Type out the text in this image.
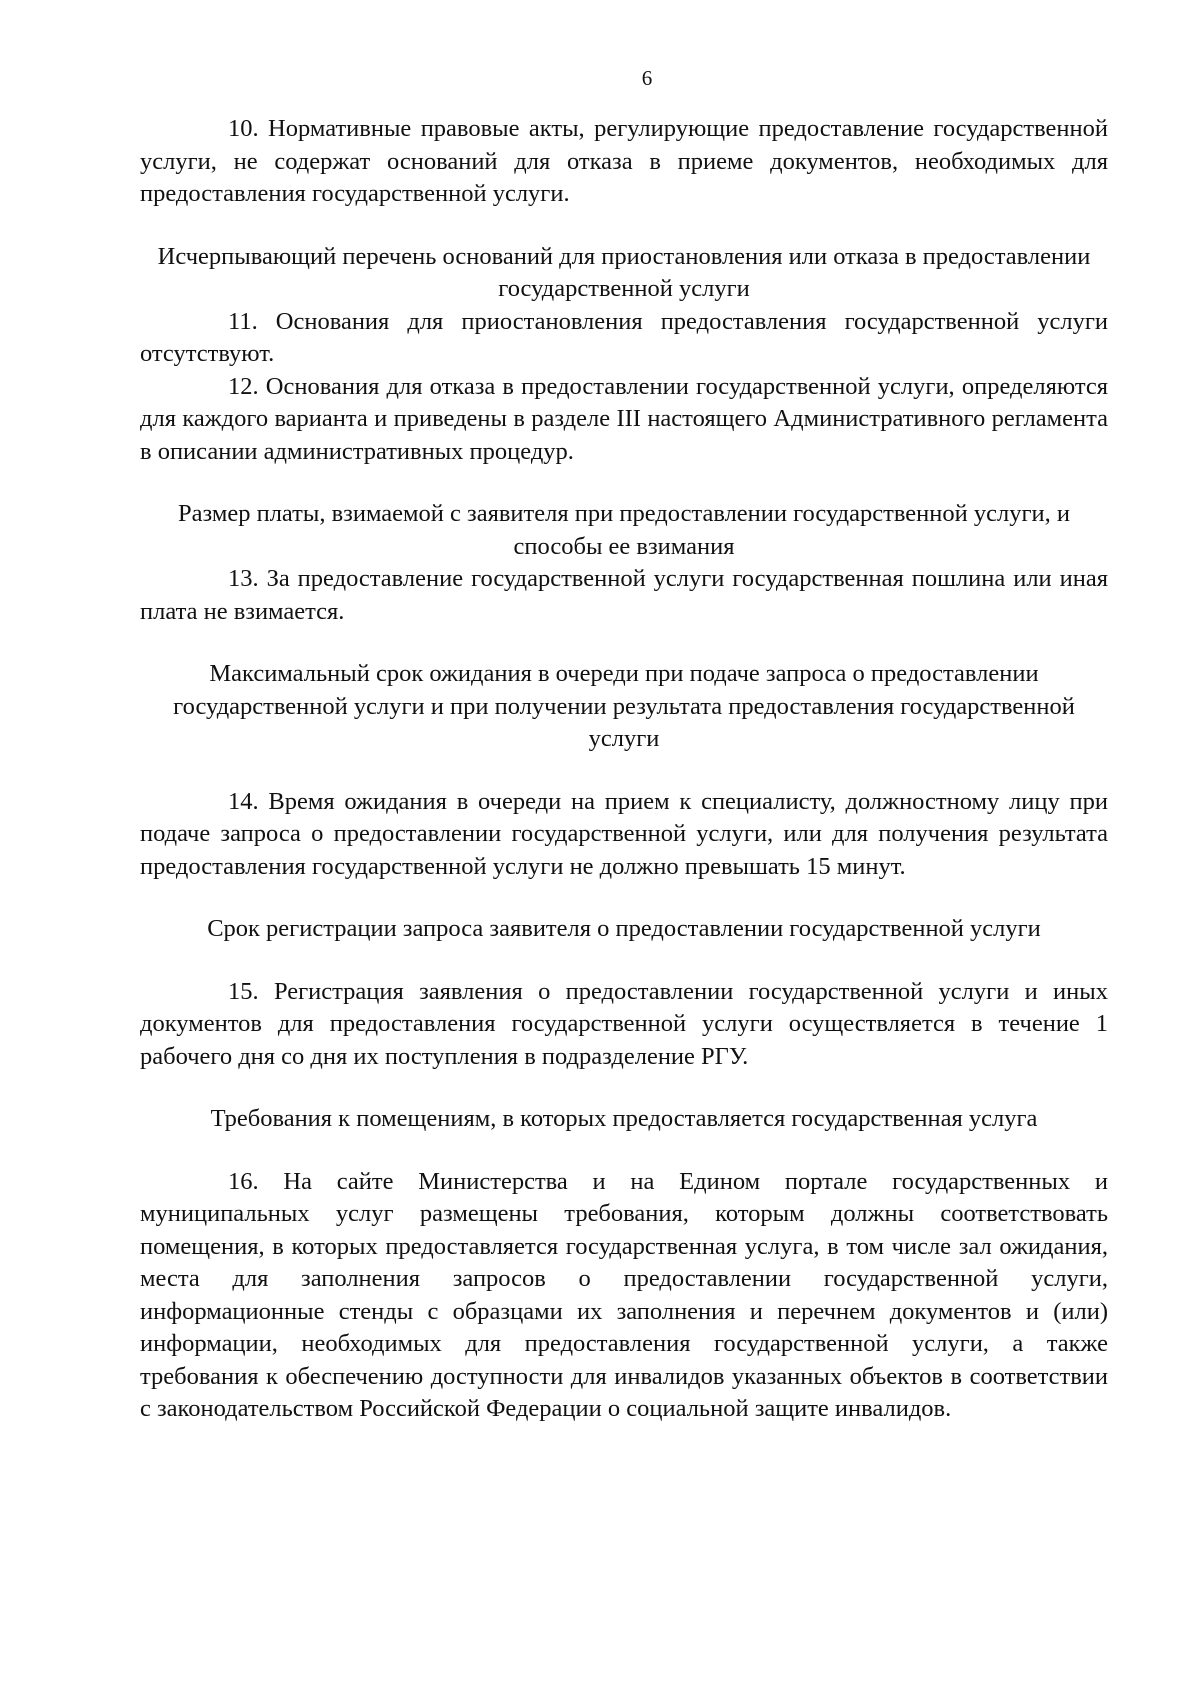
6

10. Нормативные правовые акты, регулирующие предоставление государственной услуги, не содержат оснований для отказа в приеме документов, необходимых для предоставления государственной услуги.

Исчерпывающий перечень оснований для приостановления или отказа в предоставлении государственной услуги

11. Основания для приостановления предоставления государственной услуги отсутствуют.

12. Основания для отказа в предоставлении государственной услуги, определяются для каждого варианта и приведены в разделе III настоящего Административного регламента в описании административных процедур.

Размер платы, взимаемой с заявителя при предоставлении государственной услуги, и способы ее взимания

13. За предоставление государственной услуги государственная пошлина или иная плата не взимается.

Максимальный срок ожидания в очереди при подаче запроса о предоставлении государственной услуги и при получении результата предоставления государственной услуги

14. Время ожидания в очереди на прием к специалисту, должностному лицу при подаче запроса о предоставлении государственной услуги, или для получения результата предоставления государственной услуги не должно превышать 15 минут.

Срок регистрации запроса заявителя о предоставлении государственной услуги

15. Регистрация заявления о предоставлении государственной услуги и иных документов для предоставления государственной услуги осуществляется в течение 1 рабочего дня со дня их поступления в подразделение РГУ.

Требования к помещениям, в которых предоставляется государственная услуга

16. На сайте Министерства и на Едином портале государственных и муниципальных услуг размещены требования, которым должны соответствовать помещения, в которых предоставляется государственная услуга, в том числе зал ожидания, места для заполнения запросов о предоставлении государственной услуги, информационные стенды с образцами их заполнения и перечнем документов и (или) информации, необходимых для предоставления государственной услуги, а также требования к обеспечению доступности для инвалидов указанных объектов в соответствии с законодательством Российской Федерации о социальной защите инвалидов.
